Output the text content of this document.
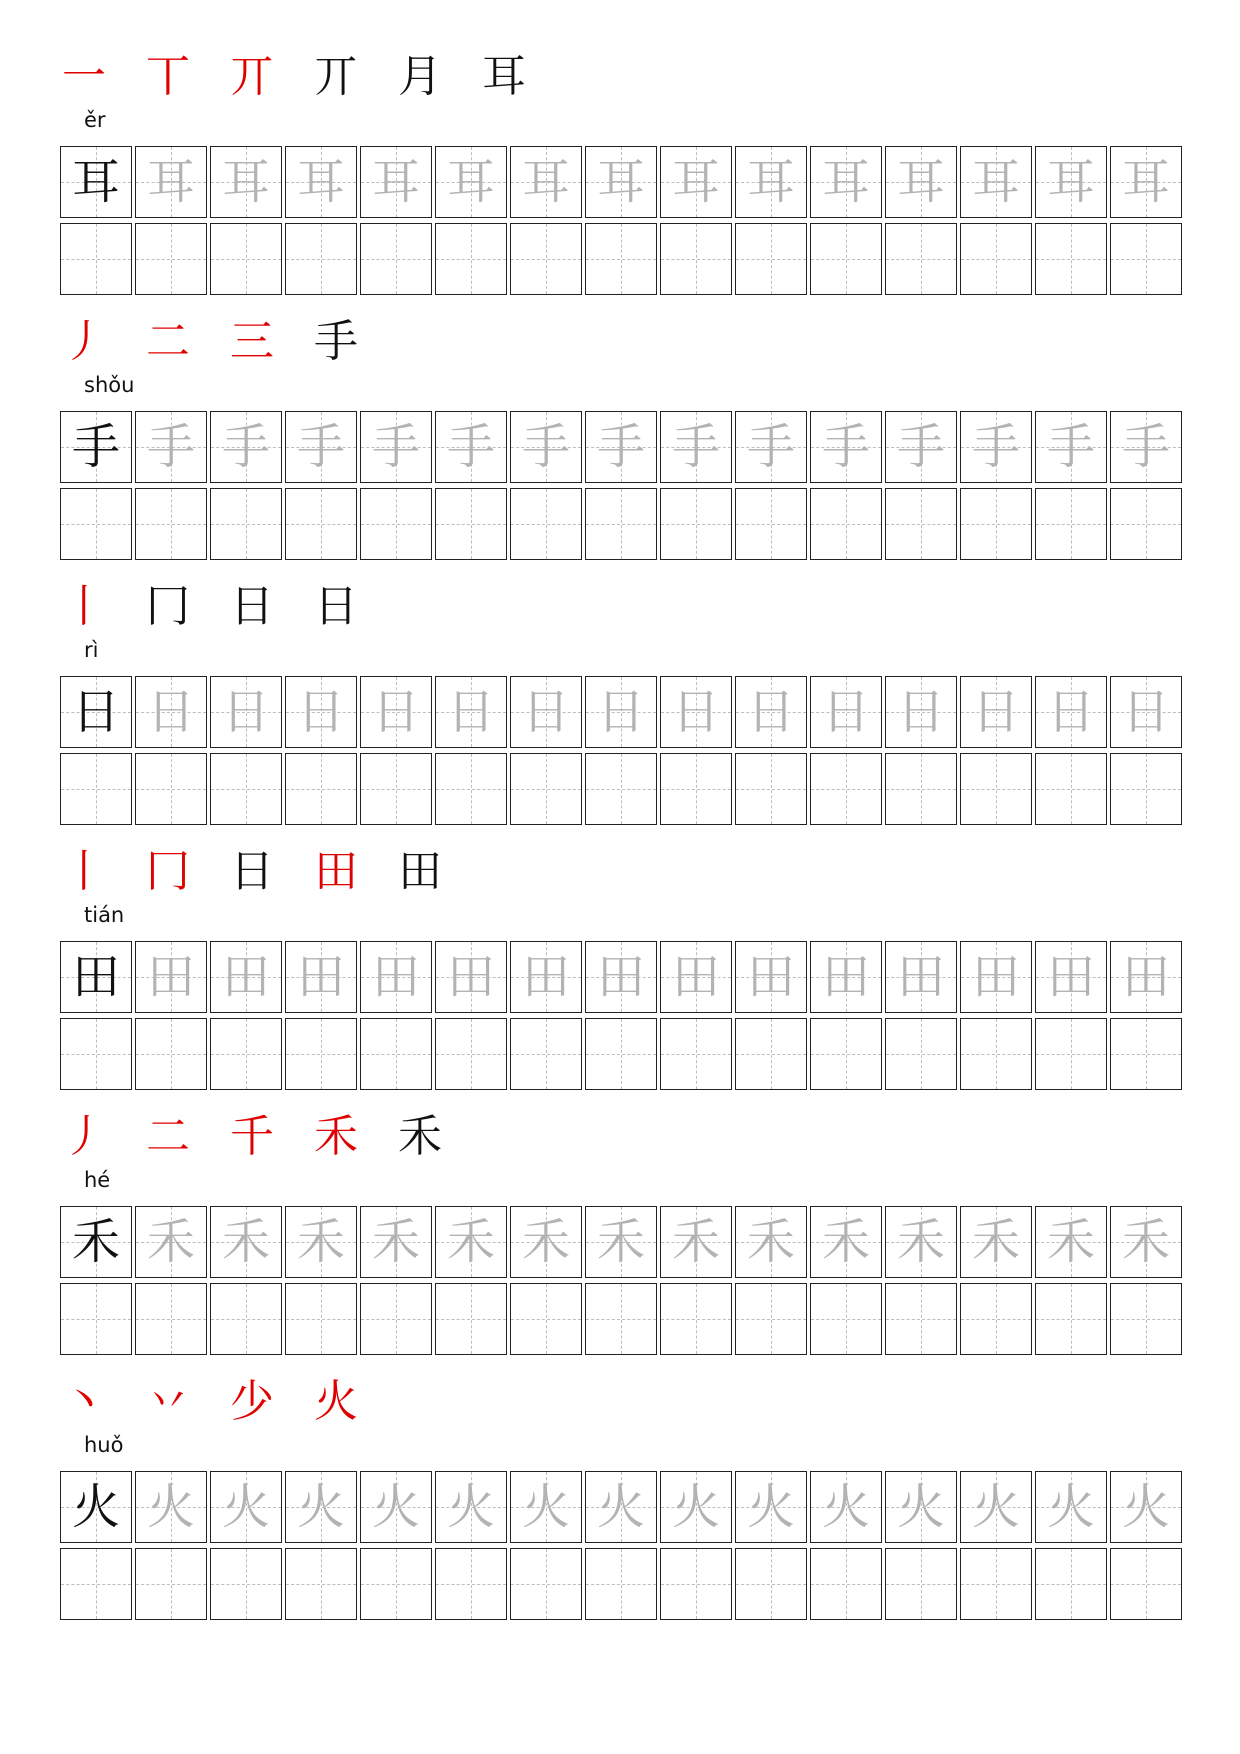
一 丅 丌 丌 月 耳
ěr
耳 耳 耳 耳 耳 耳 耳 耳 耳 耳 耳 耳 耳 耳 耳
丿 二 三 手
shǒu
手 手 手 手 手 手 手 手 手 手 手 手 手 手 手
丨 冂 日 日
rì
日 日 日 日 日 日 日 日 日 日 日 日 日 日 日
丨 冂 日 田 田
tián
田 田 田 田 田 田 田 田 田 田 田 田 田 田 田
丿 二 千 禾 禾
hé
禾 禾 禾 禾 禾 禾 禾 禾 禾 禾 禾 禾 禾 禾 禾
丶 丷 少 火
huǒ
火 火 火 火 火 火 火 火 火 火 火 火 火 火 火
